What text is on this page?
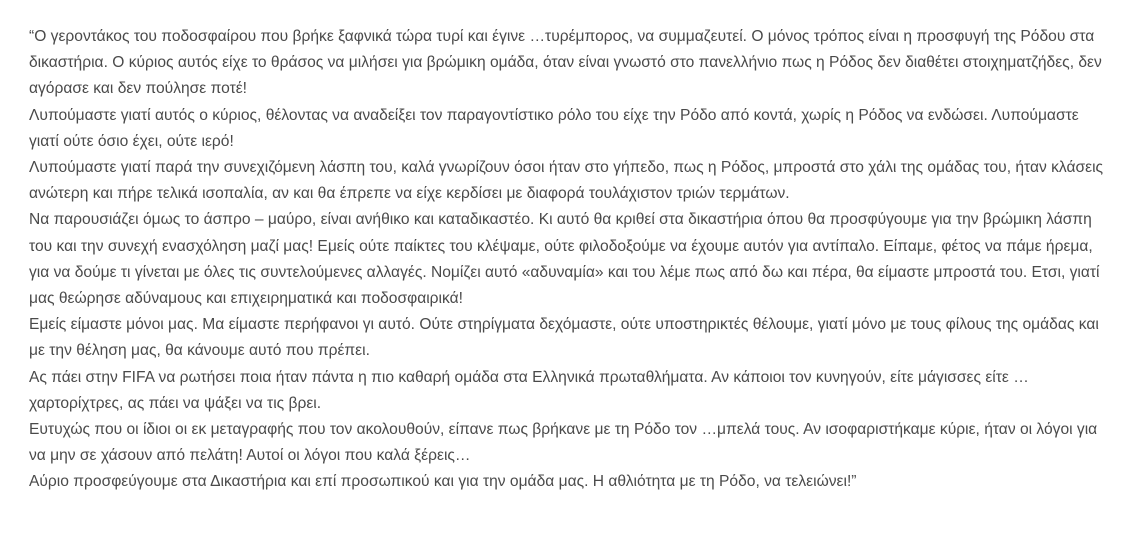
“Ο γεροντάκος του ποδοσφαίρου που βρήκε ξαφνικά τώρα τυρί και έγινε …τυρέμπορος, να συμμαζευτεί. Ο μόνος τρόπος είναι η προσφυγή της Ρόδου στα δικαστήρια. Ο κύριος αυτός είχε το θράσος να μιλήσει για βρώμικη ομάδα, όταν είναι γνωστό στο πανελλήνιο πως η Ρόδος δεν διαθέτει στοιχηματζήδες, δεν αγόρασε και δεν πούλησε ποτέ!

Λυπούμαστε γιατί αυτός ο κύριος, θέλοντας να αναδείξει τον παραγοντίστικο ρόλο του είχε την Ρόδο από κοντά, χωρίς η Ρόδος να ενδώσει. Λυπούμαστε γιατί ούτε όσιο έχει, ούτε ιερό!

Λυπούμαστε γιατί παρά την συνεχιζόμενη λάσπη του, καλά γνωρίζουν όσοι ήταν στο γήπεδο, πως η Ρόδος, μπροστά στο χάλι της ομάδας του, ήταν κλάσεις ανώτερη και πήρε τελικά ισοπαλία, αν και θα έπρεπε να είχε κερδίσει με διαφορά τουλάχιστον τριών τερμάτων.

Να παρουσιάζει όμως το άσπρο – μαύρο, είναι ανήθικο και καταδικαστέο. Κι αυτό θα κριθεί στα δικαστήρια όπου θα προσφύγουμε για την βρώμικη λάσπη του και την συνεχή ενασχόληση μαζί μας! Εμείς ούτε παίκτες του κλέψαμε, ούτε φιλοδοξούμε να έχουμε αυτόν για αντίπαλο. Είπαμε, φέτος να πάμε ήρεμα, για να δούμε τι γίνεται με όλες τις συντελούμενες αλλαγές. Νομίζει αυτό «αδυναμία» και του λέμε πως από δω και πέρα, θα είμαστε μπροστά του. Ετσι, γιατί μας θεώρησε αδύναμους και επιχειρηματικά και ποδοσφαιρικά!

Εμείς είμαστε μόνοι μας. Μα είμαστε περήφανοι γι αυτό. Ούτε στηρίγματα δεχόμαστε, ούτε υποστηρικτές θέλουμε, γιατί μόνο με τους φίλους της ομάδας και με την θέληση μας, θα κάνουμε αυτό που πρέπει.

Ας πάει στην FIFA να ρωτήσει ποια ήταν πάντα η πιο καθαρή ομάδα στα Ελληνικά πρωταθλήματα. Αν κάποιοι τον κυνηγούν, είτε μάγισσες είτε …χαρτορίχτρες, ας πάει να ψάξει να τις βρει.

Ευτυχώς που οι ίδιοι οι εκ μεταγραφής που τον ακολουθούν, είπανε πως βρήκανε με τη Ρόδο τον …μπελά τους. Αν ισοφαριστήκαμε κύριε, ήταν οι λόγοι για να μην σε χάσουν από πελάτη! Αυτοί οι λόγοι που καλά ξέρεις…

Αύριο προσφεύγουμε στα Δικαστήρια και επί προσωπικού και για την ομάδα μας. Η αθλιότητα με τη Ρόδο, να τελειώνει!”
